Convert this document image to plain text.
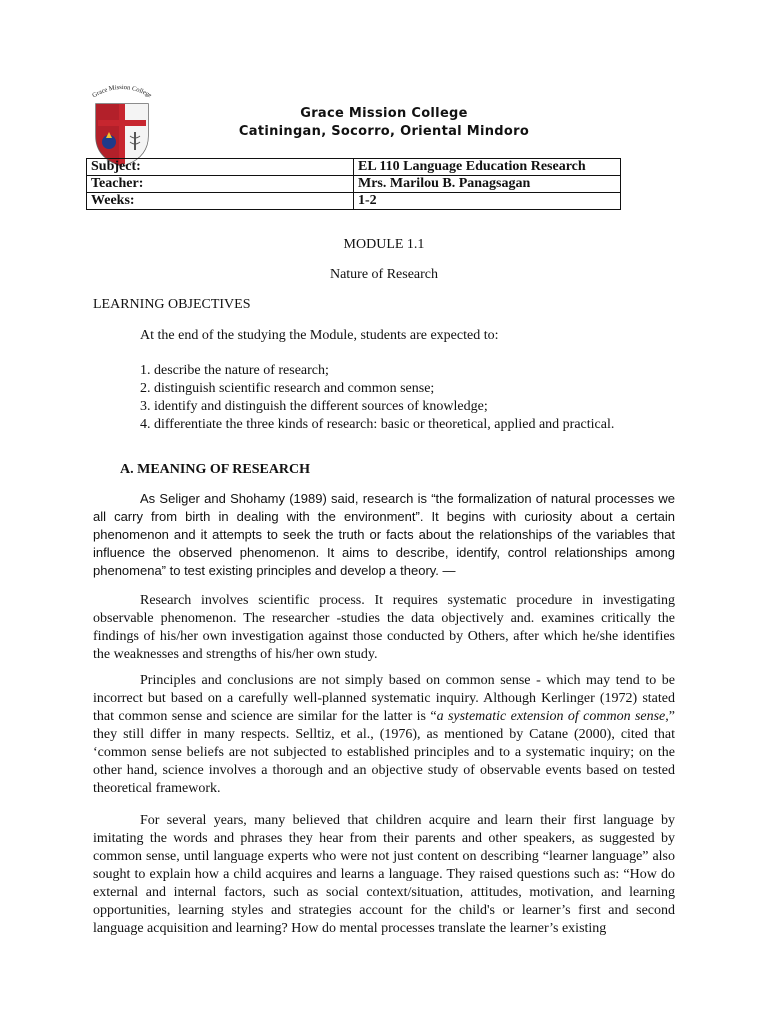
Grace Mission College
Grace Mission College
Catiningan, Socorro, Oriental Mindoro
Subject:	EL 110 Language Education Research
Teacher:	Mrs. Marilou B. Panagsagan
Weeks:	1-2
MODULE 1.1
Nature of Research
LEARNING OBJECTIVES
At the end of the studying the Module, students are expected to:
1. describe the nature of research;
2. distinguish scientific research and common sense;
3. identify and distinguish the different sources of knowledge;
4. differentiate the three kinds of research: basic or theoretical, applied and practical.
A. MEANING OF RESEARCH

As Seliger and Shohamy (1989) said, research is “the formalization of natural processes we all carry from birth in dealing with the environment”. It begins with curiosity about a certain phenomenon and it attempts to seek the truth or facts about the relationships of the variables that influence the observed phenomenon. It aims to describe, identify, control relationships among phenomena” to test existing principles and develop a theory. —

Research involves scientific process. It requires systematic procedure in investigating observable phenomenon. The researcher -studies the data objectively and. examines critically the findings of his/her own investigation against those conducted by Others, after which he/she identifies the weaknesses and strengths of his/her own study.

Principles and conclusions are not simply based on common sense - which may tend to be incorrect but based on a carefully well-planned systematic inquiry. Although Kerlinger (1972) stated that common sense and science are similar for the latter is “a systematic extension of common sense,” they still differ in many respects. Selltiz, et al., (1976), as mentioned by Catane (2000), cited that ‘common sense beliefs are not subjected to established principles and to a systematic inquiry; on the other hand, science involves a thorough and an objective study of observable events based on tested theoretical framework.

For several years, many believed that children acquire and learn their first language by imitating the words and phrases they hear from their parents and other speakers, as suggested by common sense, until language experts who were not just content on describing “learner language” also sought to explain how a child acquires and learns a language. They raised questions such as: “How do external and internal factors, such as social context/situation, attitudes, motivation, and learning opportunities, learning styles and strategies account for the child's or learner’s first and second language acquisition and learning? How do mental processes translate the learner’s existing
